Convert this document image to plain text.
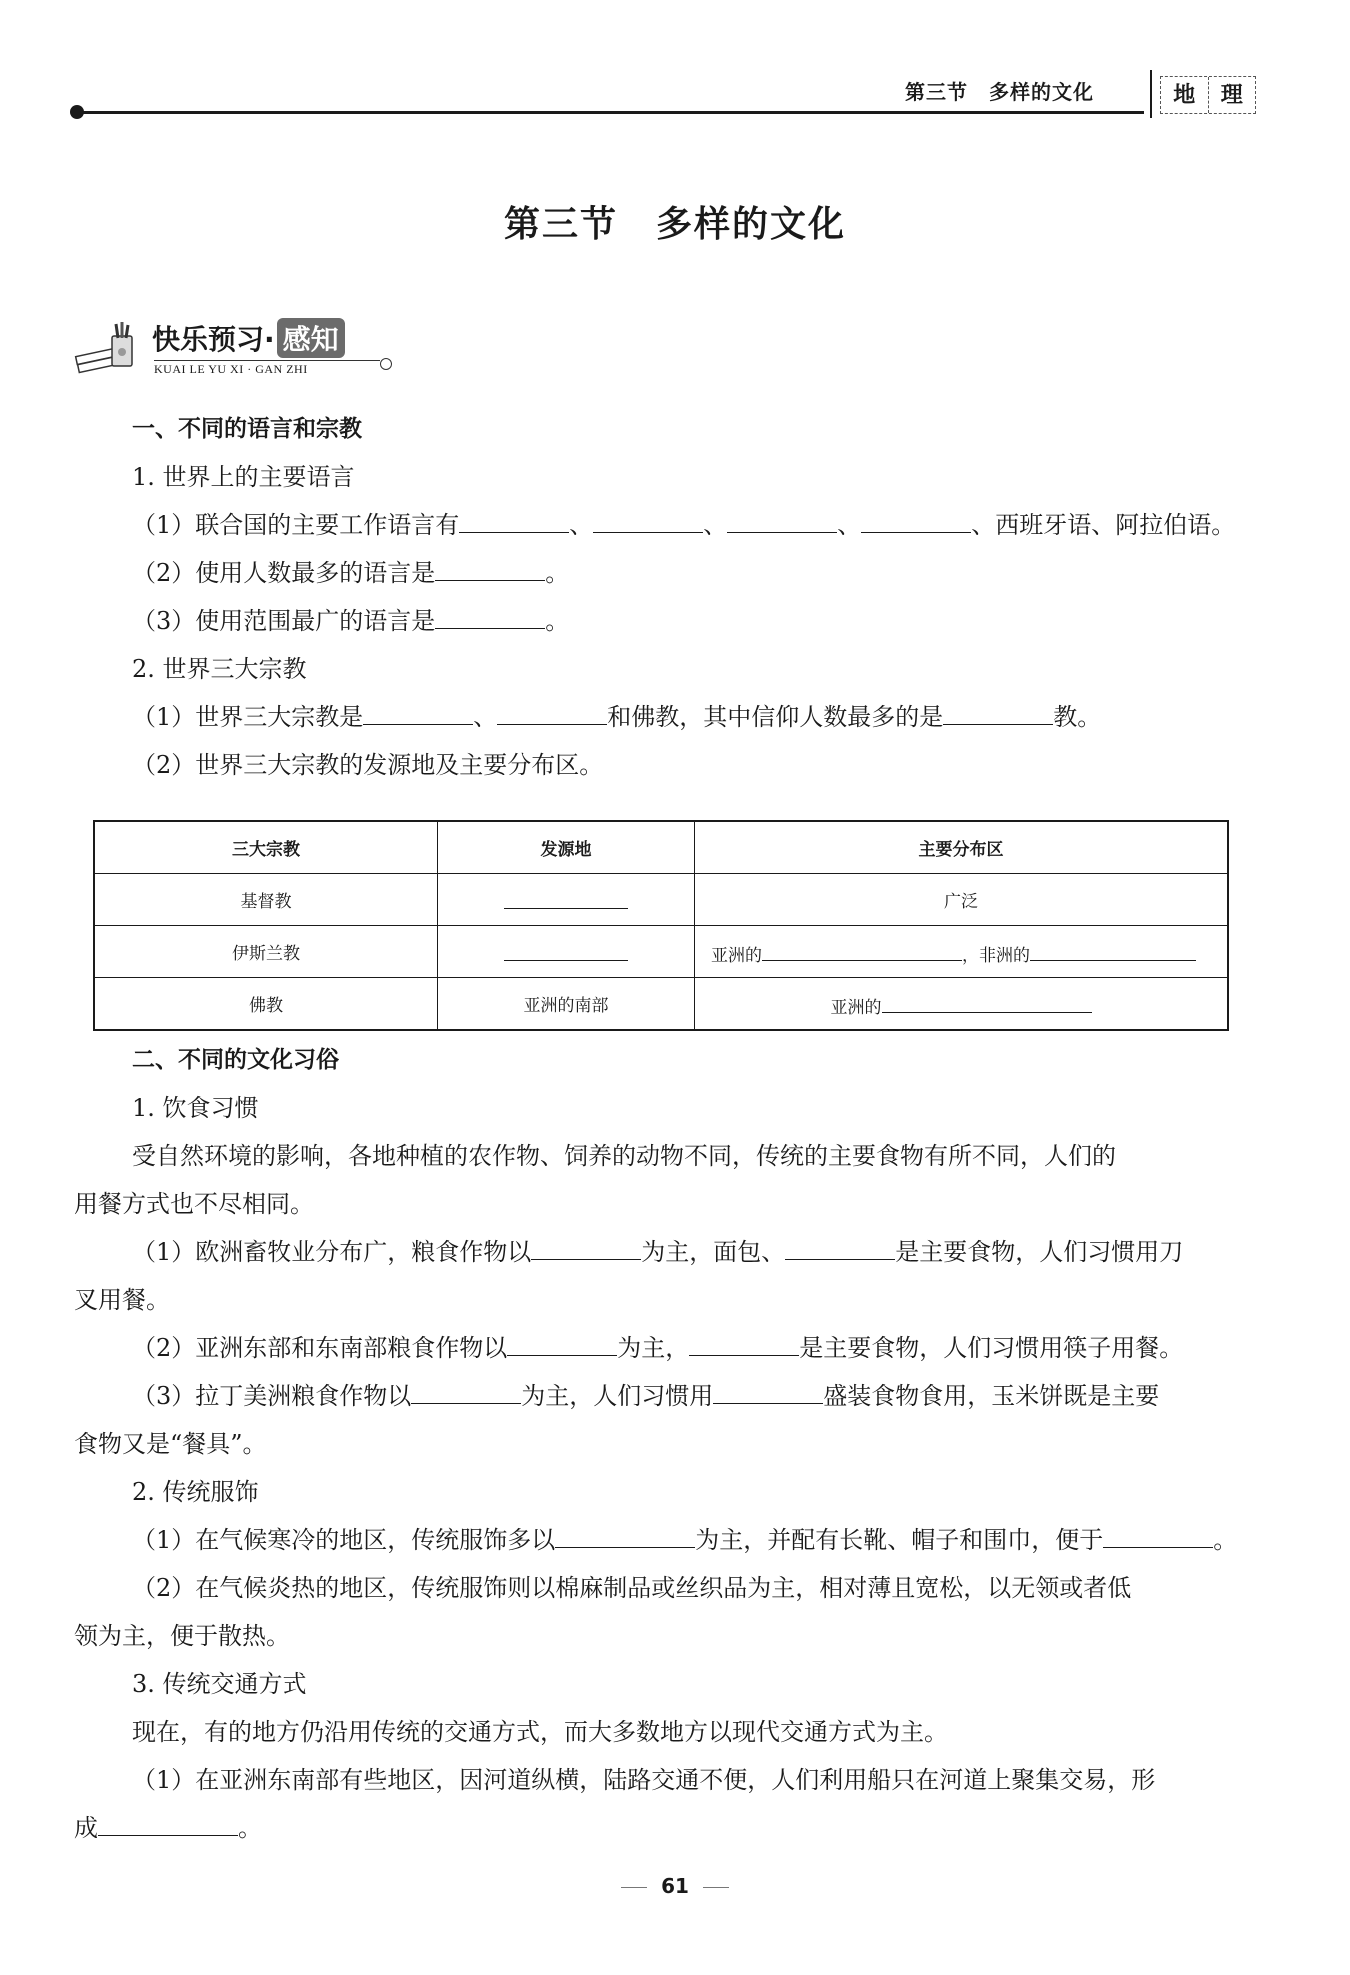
第三节　多样的文化	地	理
第三节　多样的文化
快乐预习· 感知
KUAI LE YU XI · GAN ZHI

一、不同的语言和宗教

1. 世界上的主要语言

（1）联合国的主要工作语言有	、	、	、	、西班牙语、阿拉伯语。

（2）使用人数最多的语言是	。

（3）使用范围最广的语言是	。

2. 世界三大宗教

（1）世界三大宗教是	、	和佛教，其中信仰人数最多的是	教。

（2）世界三大宗教的发源地及主要分布区。

三大宗教	发源地	主要分布区
基督教		广泛
伊斯兰教		亚洲的 ，非洲的
佛教	亚洲的南部	亚洲的

二、不同的文化习俗

1. 饮食习惯

受自然环境的影响，各地种植的农作物、饲养的动物不同，传统的主要食物有所不同，人们的
用餐方式也不尽相同。

（1）欧洲畜牧业分布广，粮食作物以	为主，面包、	是主要食物，人们习惯用刀
叉用餐。

（2）亚洲东部和东南部粮食作物以	为主，	是主要食物，人们习惯用筷子用餐。

（3）拉丁美洲粮食作物以	为主，人们习惯用	盛装食物食用，玉米饼既是主要
食物又是“餐具”。

2. 传统服饰

（1）在气候寒冷的地区，传统服饰多以	为主，并配有长靴、帽子和围巾，便于	。

（2）在气候炎热的地区，传统服饰则以棉麻制品或丝织品为主，相对薄且宽松，以无领或者低
领为主，便于散热。

3. 传统交通方式

现在，有的地方仍沿用传统的交通方式，而大多数地方以现代交通方式为主。

（1）在亚洲东南部有些地区，因河道纵横，陆路交通不便，人们利用船只在河道上聚集交易，形
成	。

61
